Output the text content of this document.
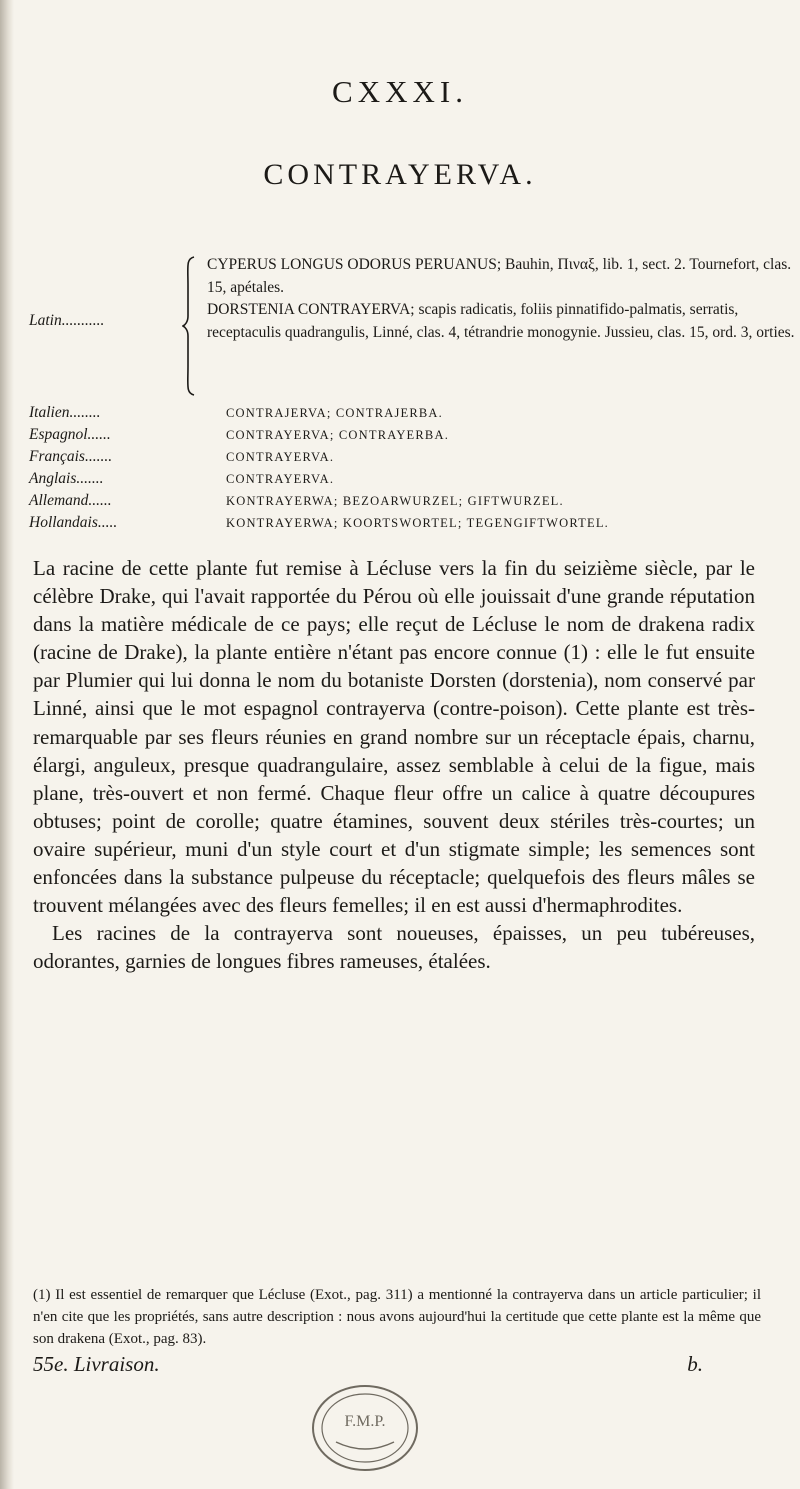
CXXXI.
CONTRAYERVA.
Latin...........
CYPERUS LONGUS ODORUS PERUANUS; Bauhin, Πιναξ, lib. 1, sect. 2. Tournefort, clas. 15, apétales.
DORSTENIA CONTRAYERVA; scapis radicatis, foliis pinnatifido-palmatis, serratis, receptaculis quadrangulis, Linné, clas. 4, tétrandrie monogynie. Jussieu, clas. 15, ord. 3, orties.
Italien........	CONTRAJERVA; CONTRAJERBA.
Espagnol......	CONTRAYERVA; CONTRAYERBA.
Français.......	CONTRAYERVA.
Anglais.......	CONTRAYERVA.
Allemand......	KONTRAYERWA; BEZOARWURZEL; GIFTWURZEL.
Hollandais.....	KONTRAYERWA; KOORTSWORTEL; TEGENGIFTWORTEL.

La racine de cette plante fut remise à Lécluse vers la fin du seizième siècle, par le célèbre Drake, qui l'avait rapportée du Pérou où elle jouissait d'une grande réputation dans la matière médicale de ce pays; elle reçut de Lécluse le nom de drakena radix (racine de Drake), la plante entière n'étant pas encore connue (1) : elle le fut ensuite par Plumier qui lui donna le nom du botaniste Dorsten (dorstenia), nom conservé par Linné, ainsi que le mot espagnol contrayerva (contre-poison). Cette plante est très-remarquable par ses fleurs réunies en grand nombre sur un réceptacle épais, charnu, élargi, anguleux, presque quadrangulaire, assez semblable à celui de la figue, mais plane, très-ouvert et non fermé. Chaque fleur offre un calice à quatre découpures obtuses; point de corolle; quatre étamines, souvent deux stériles très-courtes; un ovaire supérieur, muni d'un style court et d'un stigmate simple; les semences sont enfoncées dans la substance pulpeuse du réceptacle; quelquefois des fleurs mâles se trouvent mélangées avec des fleurs femelles; il en est aussi d'hermaphrodites.

Les racines de la contrayerva sont noueuses, épaisses, un peu tubéreuses, odorantes, garnies de longues fibres rameuses, étalées.

(1) Il est essentiel de remarquer que Lécluse (Exot., pag. 311) a mentionné la contrayerva dans un article particulier; il n'en cite que les propriétés, sans autre description : nous avons aujourd'hui la certitude que cette plante est la même que son drakena (Exot., pag. 83).
55e. Livraison.	b.
F.M.P.
